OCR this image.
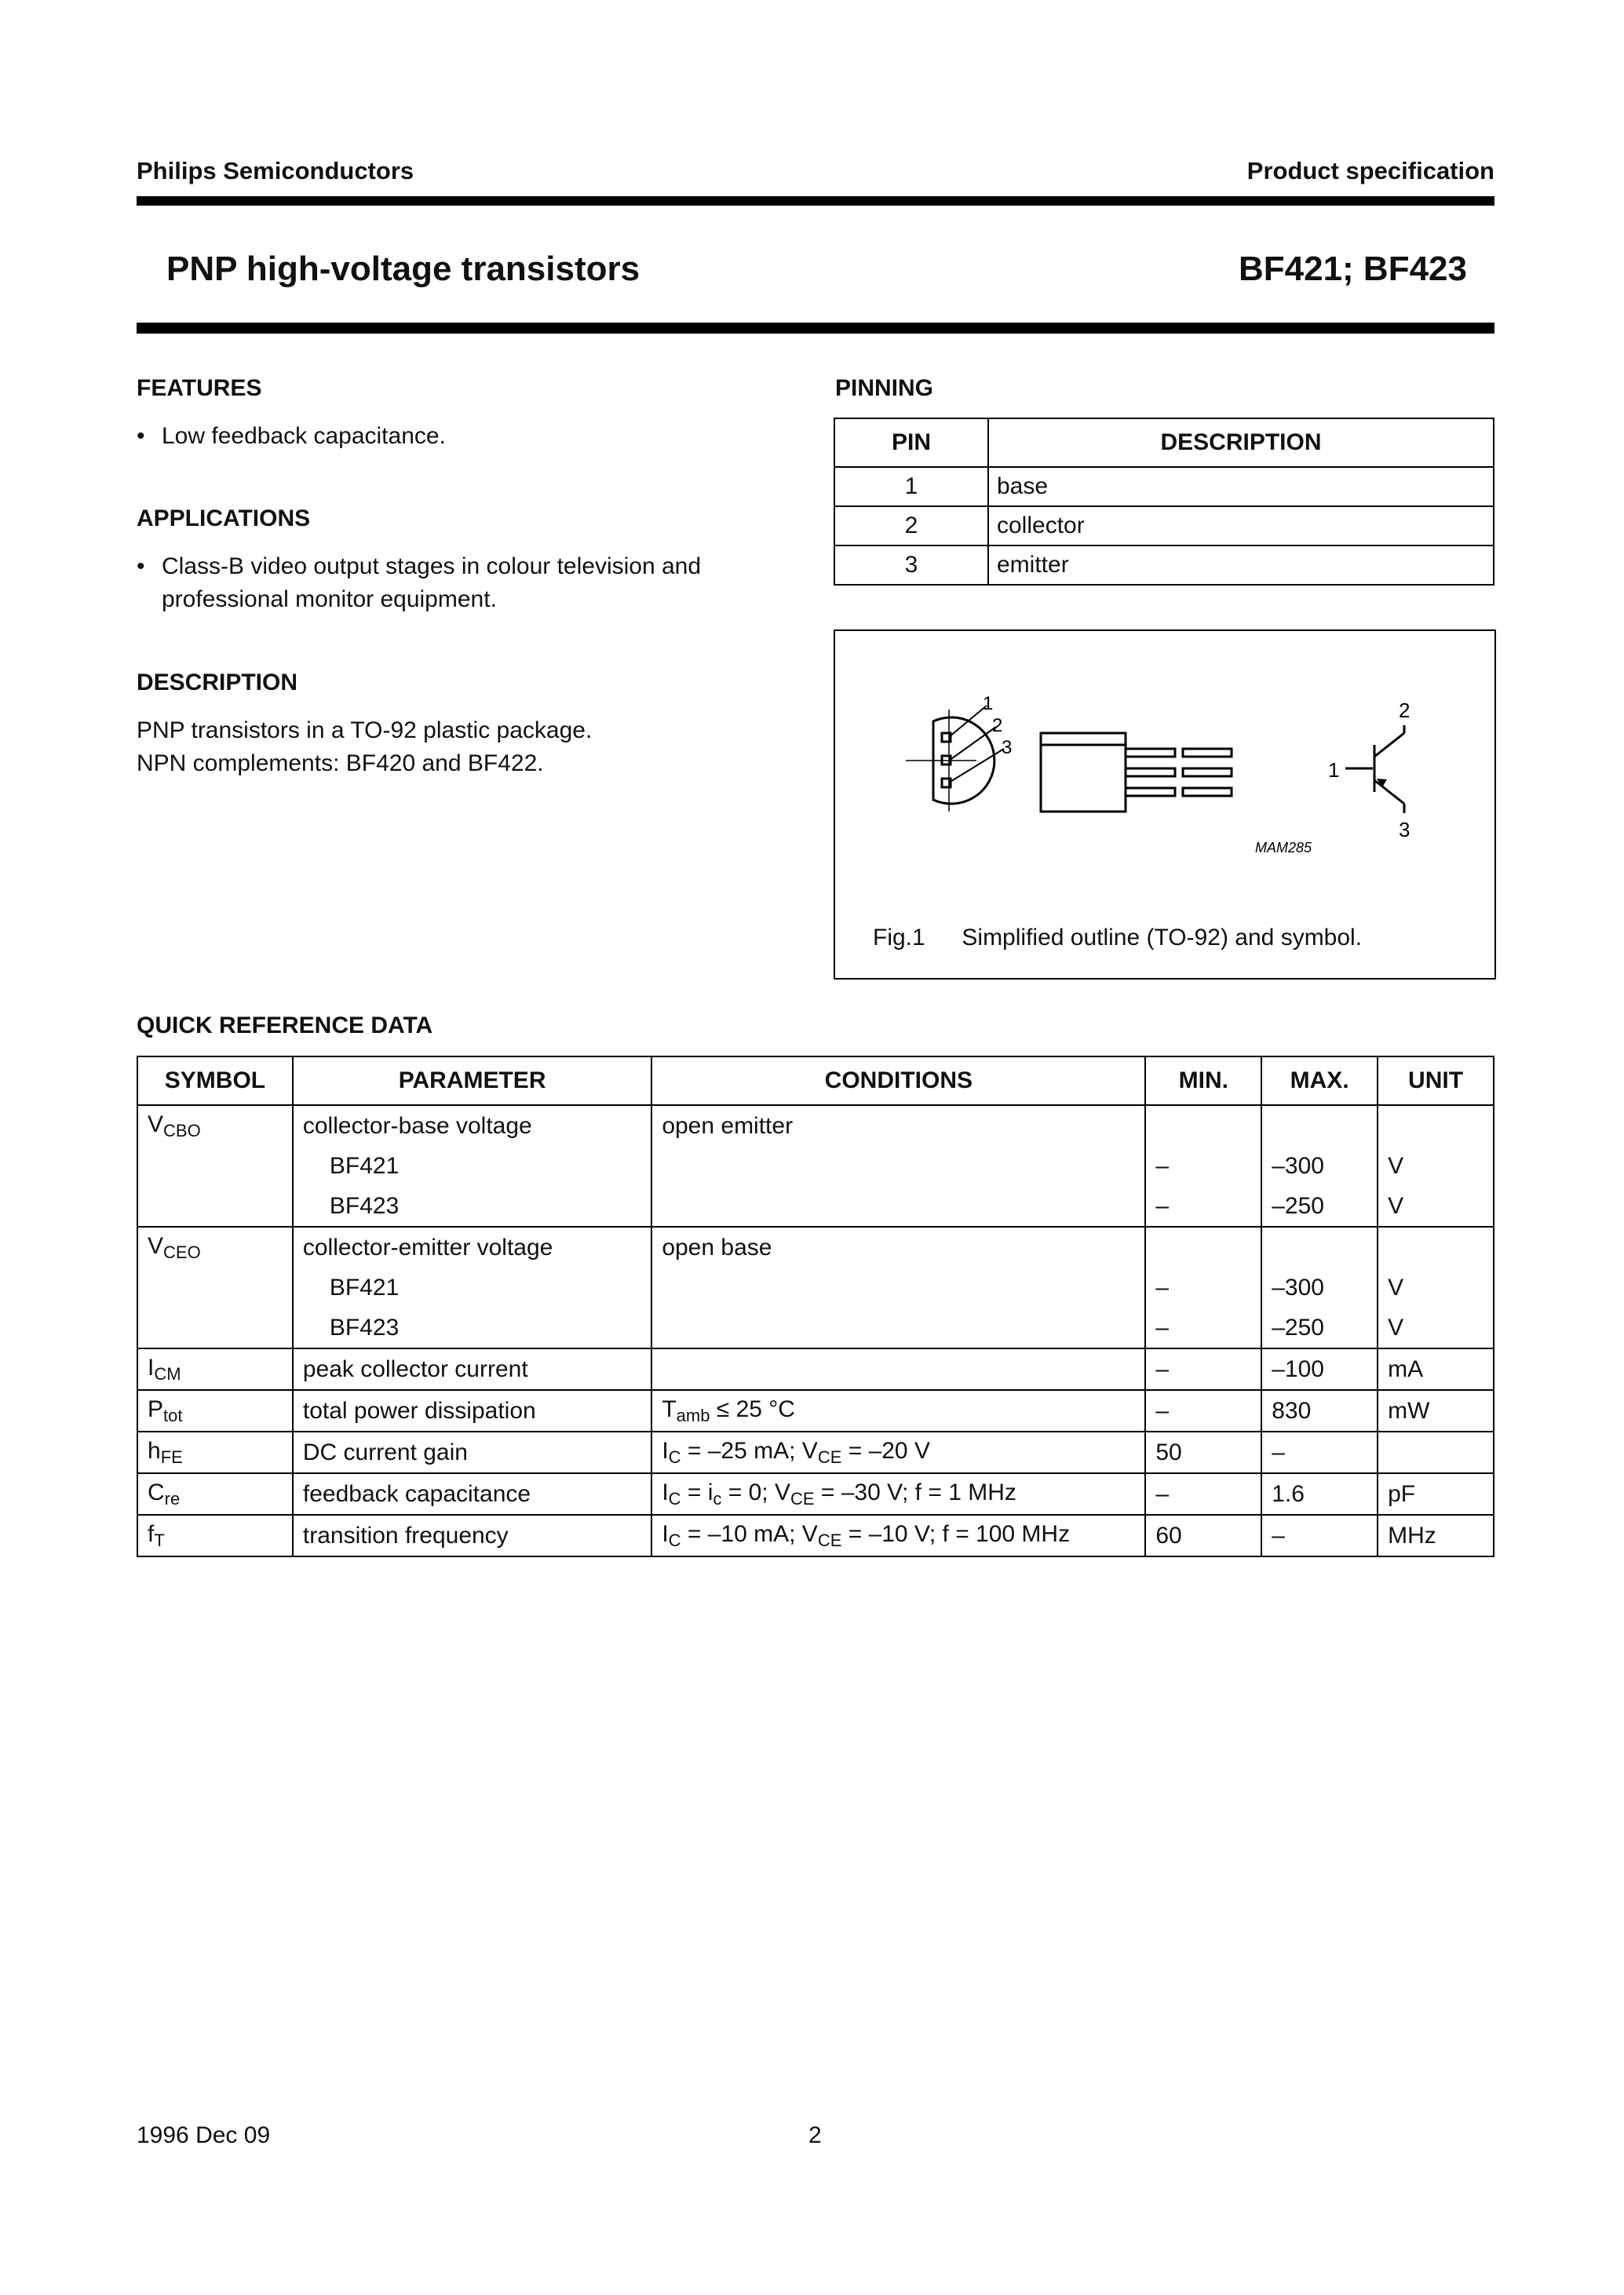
Philips Semiconductors	Product specification
PNP high-voltage transistors	BF421; BF423
FEATURES
• Low feedback capacitance.
APPLICATIONS
• Class-B video output stages in colour television and
professional monitor equipment.
DESCRIPTION
PNP transistors in a TO-92 plastic package.
NPN complements: BF420 and BF422.
PINNING
PIN	DESCRIPTION
1	base
2	collector
3	emitter
1
2
3
1
2
3
MAM285
Fig.1 Simplified outline (TO-92) and symbol.
QUICK REFERENCE DATA
SYMBOL	PARAMETER	CONDITIONS	MIN.	MAX.	UNIT
$V_{CBO}$	collector-base voltage	open emitter			
	BF421		–	–300	V
	BF423		–	–250	V
$V_{CEO}$	collector-emitter voltage	open base			
	BF421		–	–300	V
	BF423		–	–250	V
$I_{CM}$	peak collector current		–	–100	mA
$P_{tot}$	total power dissipation	$T_{amb} \le 25$ °C	–	830	mW
$h_{FE}$	DC current gain	$I_C = -25$ mA; $V_{CE} = -20$ V	50	–	
$C_{re}$	feedback capacitance	$I_C = i_c = 0$; $V_{CE} = -30$ V; f = 1 MHz	–	1.6	pF
$f_T$	transition frequency	$I_C = -10$ mA; $V_{CE} = -10$ V; f = 100 MHz	60	–	MHz
1996 Dec 09	2
